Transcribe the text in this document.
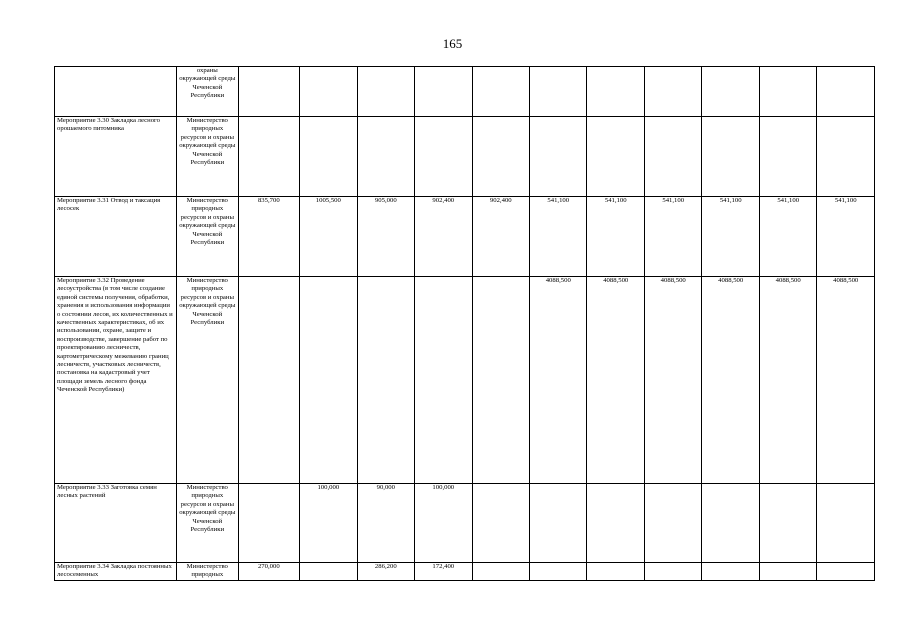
165
	охраны окружающей среды Чеченской Республики											
Мероприятие 3.30 Закладка лесного орошаемого питомника	Министерство природных ресурсов и охраны окружающей среды Чеченской Республики											
Мероприятие 3.31 Отвод и таксация лесосек	Министерство природных ресурсов и охраны окружающей среды Чеченской Республики	835,700	1005,500	905,000	902,400	902,400	541,100	541,100	541,100	541,100	541,100	541,100
Мероприятие 3.32 Проведение лесоустройства (в том числе создание единой системы получения, обработки, хранения и использования информации о состоянии лесов, их количественных и качественных характеристиках, об их использовании, охране, защите и воспроизводстве, завершение работ по проектированию лесничеств, картометрическому межеванию границ лесничеств, участковых лесничеств, постановка на кадастровый учет площади земель лесного фонда Чеченской Республики)	Министерство природных ресурсов и охраны окружающей среды Чеченской Республики						4088,500	4088,500	4088,500	4088,500	4088,500	4088,500
Мероприятие 3.33 Заготовка семян лесных растений	Министерство природных ресурсов и охраны окружающей среды Чеченской Республики		100,000	90,000	100,000							
Мероприятие 3.34 Закладка постоянных лесосеменных	Министерство природных	270,000		286,200	172,400							
